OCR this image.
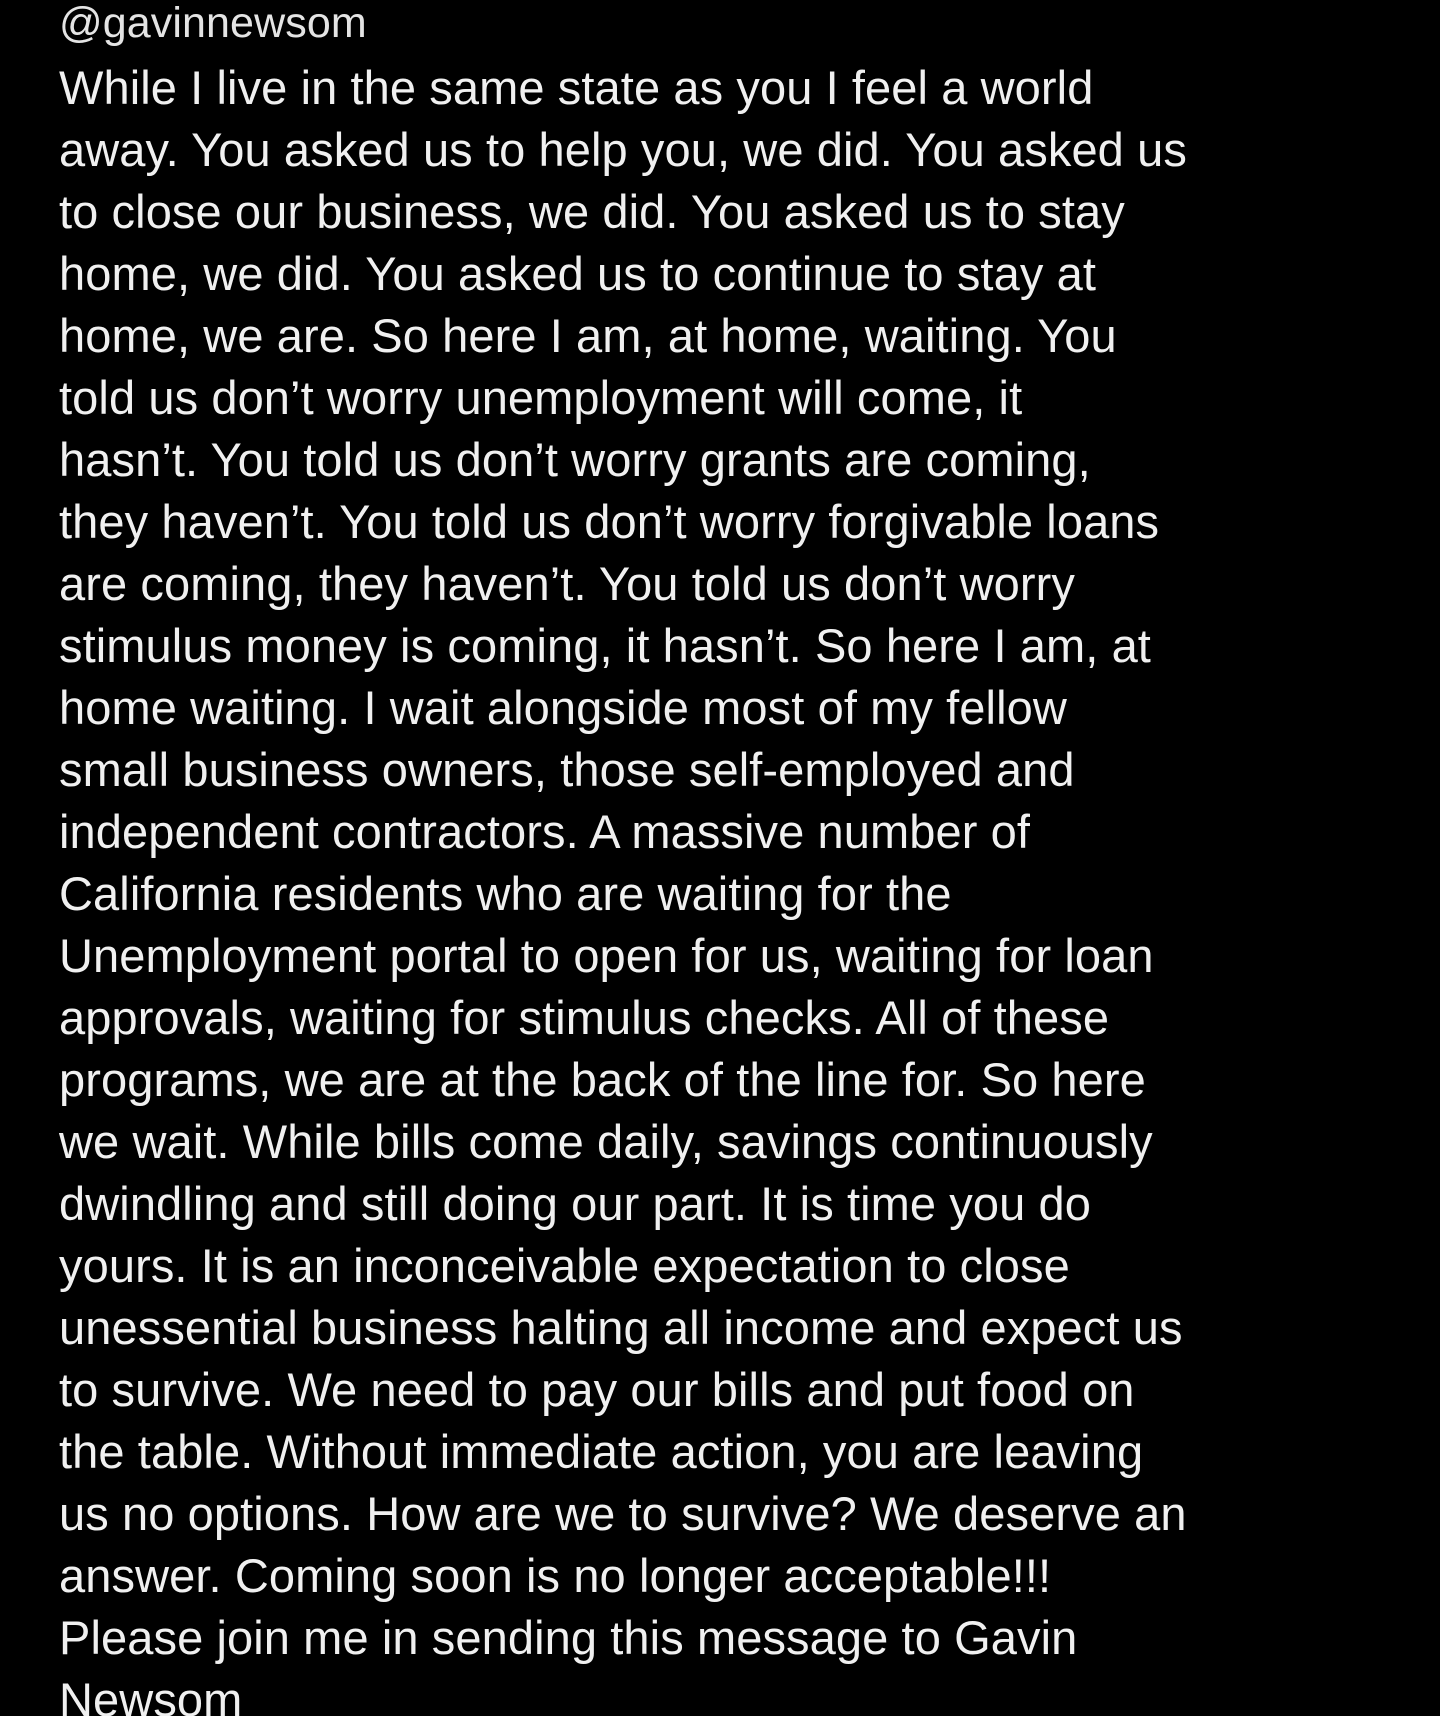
@gavinnewsom

While I live in the same state as you I feel a world

away. You asked us to help you, we did. You asked us

to close our business, we did. You asked us to stay

home, we did. You asked us to continue to stay at

home, we are. So here I am, at home, waiting. You

told us don’t worry unemployment will come, it

hasn’t. You told us don’t worry grants are coming,

they haven’t. You told us don’t worry forgivable loans

are coming, they haven’t. You told us don’t worry

stimulus money is coming, it hasn’t. So here I am, at

home waiting. I wait alongside most of my fellow

small business owners, those self-employed and

independent contractors. A massive number of

California residents who are waiting for the

Unemployment portal to open for us, waiting for loan

approvals, waiting for stimulus checks. All of these

programs, we are at the back of the line for. So here

we wait. While bills come daily, savings continuously

dwindling and still doing our part. It is time you do

yours. It is an inconceivable expectation to close

unessential business halting all income and expect us

to survive. We need to pay our bills and put food on

the table. Without immediate action, you are leaving

us no options. How are we to survive? We deserve an

answer. Coming soon is no longer acceptable!!!

Please join me in sending this message to Gavin

Newsom
